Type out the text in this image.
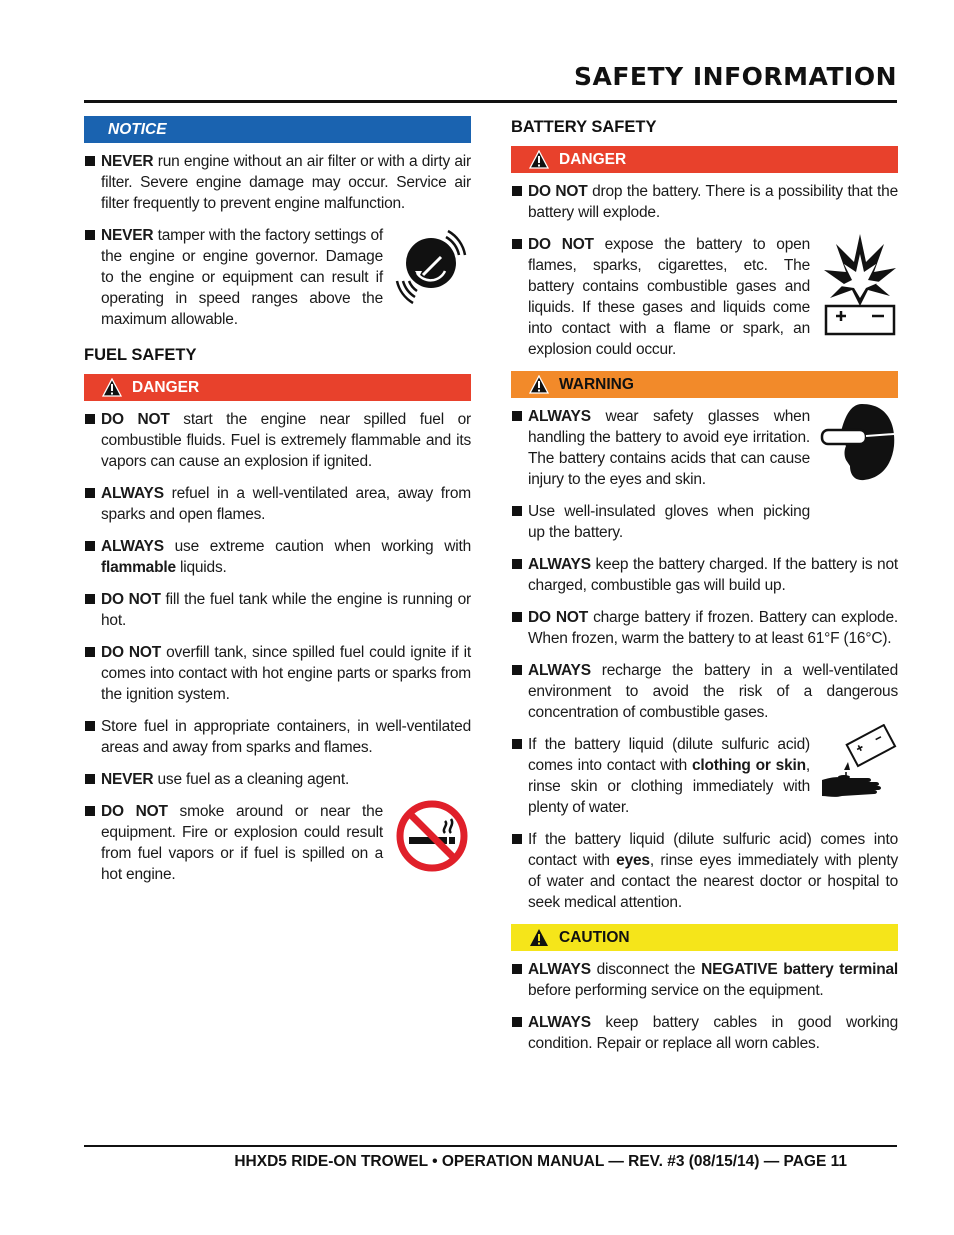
SAFETY INFORMATION
NOTICE
NEVER run engine without an air filter or with a dirty air filter. Severe engine damage may occur. Service air filter frequently to prevent engine malfunction.
NEVER tamper with the factory settings of the engine or engine governor. Damage to the engine or equipment can result if operating in speed ranges above the maximum allowable.
FUEL SAFETY
DANGER
DO NOT start the engine near spilled fuel or combustible fluids. Fuel is extremely flammable and its vapors can cause an explosion if ignited.
ALWAYS refuel in a well-ventilated area, away from sparks and open flames.
ALWAYS use extreme caution when working with flammable liquids.
DO NOT fill the fuel tank while the engine is running or hot.
DO NOT overfill tank, since spilled fuel could ignite if it comes into contact with hot engine parts or sparks from the ignition system.
Store fuel in appropriate containers, in well-ventilated areas and away from sparks and flames.
NEVER use fuel as a cleaning agent.
DO NOT smoke around or near the equipment. Fire or explosion could result from fuel vapors or if fuel is spilled on a hot engine.
BATTERY SAFETY
DANGER
DO NOT drop the battery. There is a possibility that the battery will explode.
DO NOT expose the battery to open flames, sparks, cigarettes, etc. The battery contains combustible gases and liquids. If these gases and liquids come into contact with a flame or spark, an explosion could occur.
WARNING
ALWAYS wear safety glasses when handling the battery to avoid eye irritation. The battery contains acids that can cause injury to the eyes and skin.
Use well-insulated gloves when picking up the battery.
ALWAYS keep the battery charged. If the battery is not charged, combustible gas will build up.
DO NOT charge battery if frozen. Battery can explode. When frozen, warm the battery to at least 61°F (16°C).
ALWAYS recharge the battery in a well-ventilated environment to avoid the risk of a dangerous concentration of combustible gases.
If the battery liquid (dilute sulfuric acid) comes into contact with clothing or skin, rinse skin or clothing immediately with plenty of water.
If the battery liquid (dilute sulfuric acid) comes into contact with eyes, rinse eyes immediately with plenty of water and contact the nearest doctor or hospital to seek medical attention.
CAUTION
ALWAYS disconnect the NEGATIVE battery terminal before performing service on the equipment.
ALWAYS keep battery cables in good working condition. Repair or replace all worn cables.
HHXD5 RIDE-ON TROWEL • OPERATION MANUAL — REV. #3 (08/15/14) — PAGE 11
